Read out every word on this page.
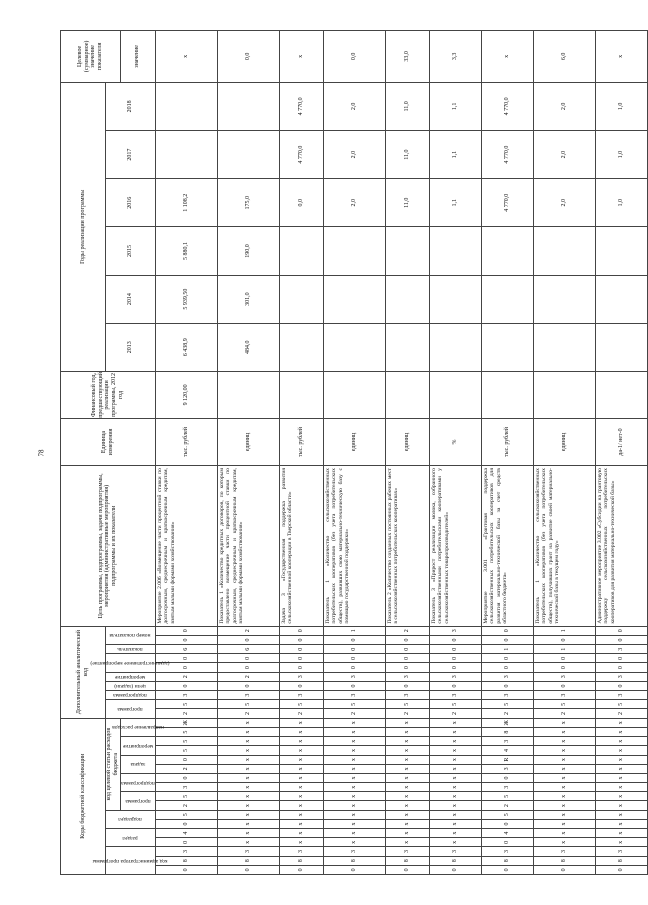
78
Коды бюджетной классификации																	Дополнительный аналитический код										Цель программы, подпрограммы, задачи подпрограммы, мероприятия (административные мероприятия) подпрограммы и их показатели	Единица измерения	Финансовый год, предшествующий реализации программы, 2012 год	Годы реализации программы						Целевое (суммарное) значение показателя

код администратора программы			раздел		подраздел		код целевой статьи расходов бюджета										программа		подпрограмма	цели (задачи)	мероприятие	(административное мероприятие)		показатель	номер показателя					2013	2014	2015	2016	2017	2018	

							программа		подпрограмма		задача		мероприятие		направление расходов																					значение
0	8	3	0	4	0	5	2	5	3	0	2	0	5	5	5	Ж	2	5	3	0	2	0	0	6	0	0	Мероприятие 2.006 «Возмещение части процентной ставки по долгосрочным, среднесрочным и краткосрочным кредитам, взятым малыми формами хозяйствования»	тыс. рублей	9 120,00	6 438,9	5 939,50	5 880,1	1 108,2			x
0	8	3	x	x	x	x	x	x	x	x	x	x	x	x	x	x	2	5	3	0	2	0	0	6	0	2	Показатель 1 «Количество кредитных договоров, по которым предоставлено возмещение части процентной ставки по долгосрочным, среднесрочным и краткосрочным кредитам, взятым малыми формами хозяйствования»	единиц		484,0	301,0	190,0	175,0			0,0
0	8	3	x	x	x	x	x	x	x	x	x	x	x	x	x	x	2	5	3	0	3	0	0	0	0	0	Задача 3 «Государственная поддержка развития сельскохозяйственной кооперации в Тверской области»	тыс. рублей					0,0	4 770,0	4 770,0	x
0	8	3	x	x	x	x	x	x	x	x	x	x	x	x	x	x	2	5	3	0	3	0	0	0	0	1	Показатель 1 «Количество сельскохозяйственных потребительских кооперативов (без учета потребительских обществ), развивших свою материально-техническую базу с помощью государственной поддержки»	единиц					2,0	2,0	2,0	0,0
0	8	3	x	x	x	x	x	x	x	x	x	x	x	x	x	x	2	5	3	0	3	0	0	0	0	2	Показатель 2 «Количество созданных постоянных рабочих мест в сельскохозяйственных потребительских кооперативах»	единиц					11,0	11,0	11,0	33,0
0	8	3	x	x	x	x	x	x	x	x	x	x	x	x	x	x	2	5	3	0	3	0	0	0	0	3	Показатель 3 «Прирост реализации молока, собранного сельскохозяйственными потребительскими кооперативами у сельскохозяйственных товаропроизводителей»	%					1,1	1,1	1,1	3,3
0	8	3	0	4	0	5	2	5	3	0	3	R	4	3	8	Ж	2	5	3	0	3	0	0	1	0	0	Мероприятие 3.001 «Грантовая поддержка сельскохозяйственных потребительских кооперативов для развития материально-технической базы за счет средств областного бюджета»	тыс. рублей					4 770,0	4 770,0	4 770,0	x
0	8	3	x	x	x	x	x	x	x	x	x	x	x	x	x	x	2	5	3	0	3	0	0	1	0	1	Показатель 1 «Количество сельскохозяйственных потребительских кооперативов (без учета потребительских обществ), получивших грант на развитие своей материально-технической базы в текущем году»	единиц					2,0	2,0	2,0	6,0
0	8	3	x	x	x	x	x	x	x	x	x	x	x	x	x	x	2	5	3	0	3	0	0	3	0	0	Административное мероприятие 3.002 «Субсидии на грантовую поддержку сельскохозяйственных потребительских кооперативов для развития материально-технической базы»	да-1/ нет-0					1,0	1,0	1,0	x
